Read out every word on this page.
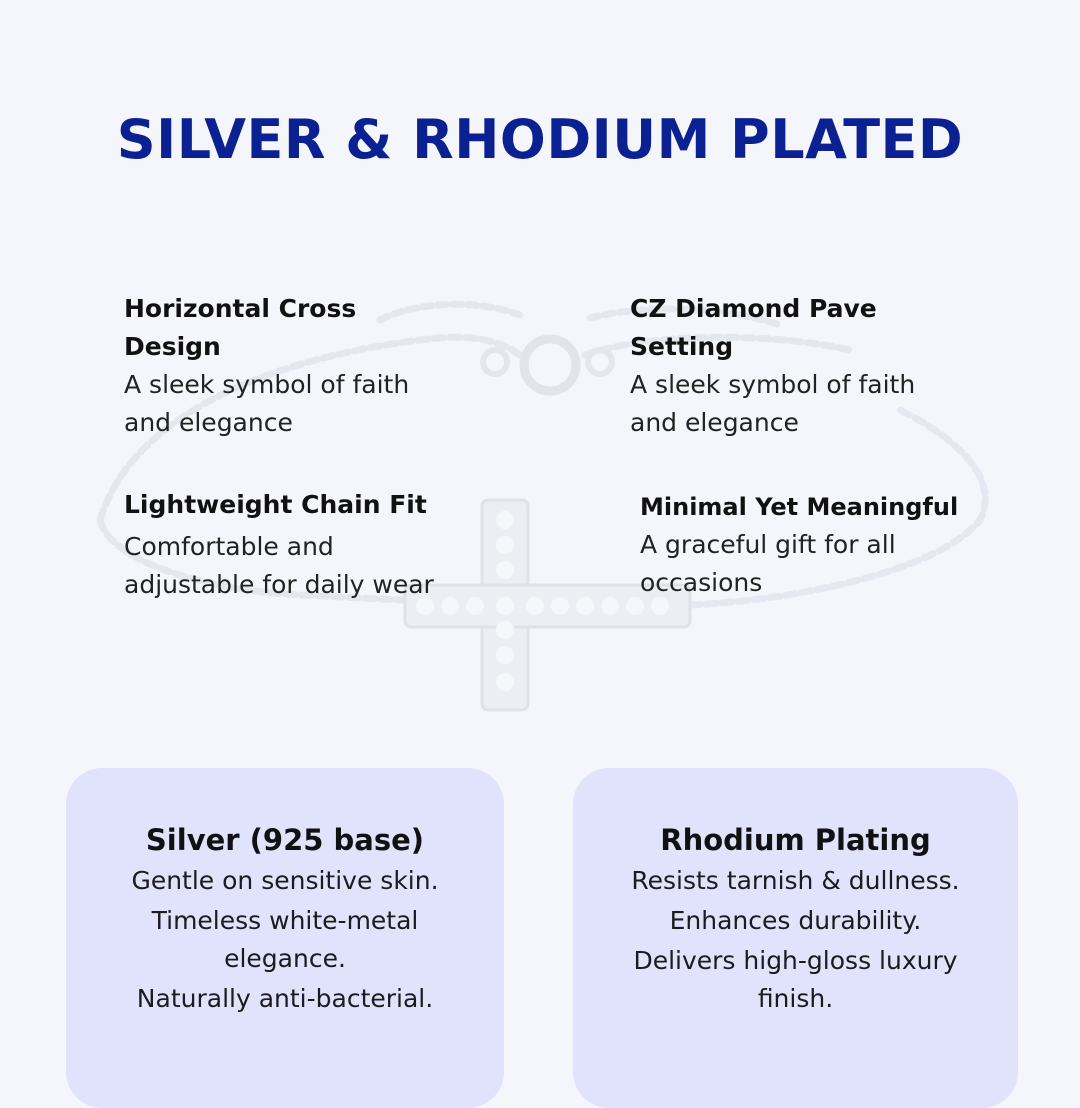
SILVER & RHODIUM PLATED
Horizontal Cross Design
A sleek symbol of faith and elegance
CZ Diamond Pave Setting
A sleek symbol of faith and elegance
Lightweight Chain Fit
Comfortable and adjustable for daily wear
Minimal Yet Meaningful
A graceful gift for all occasions
Silver (925 base)
Gentle on sensitive skin.
Timeless white-metal elegance.
Naturally anti-bacterial.
Rhodium Plating
Resists tarnish & dullness.
Enhances durability.
Delivers high-gloss luxury finish.
